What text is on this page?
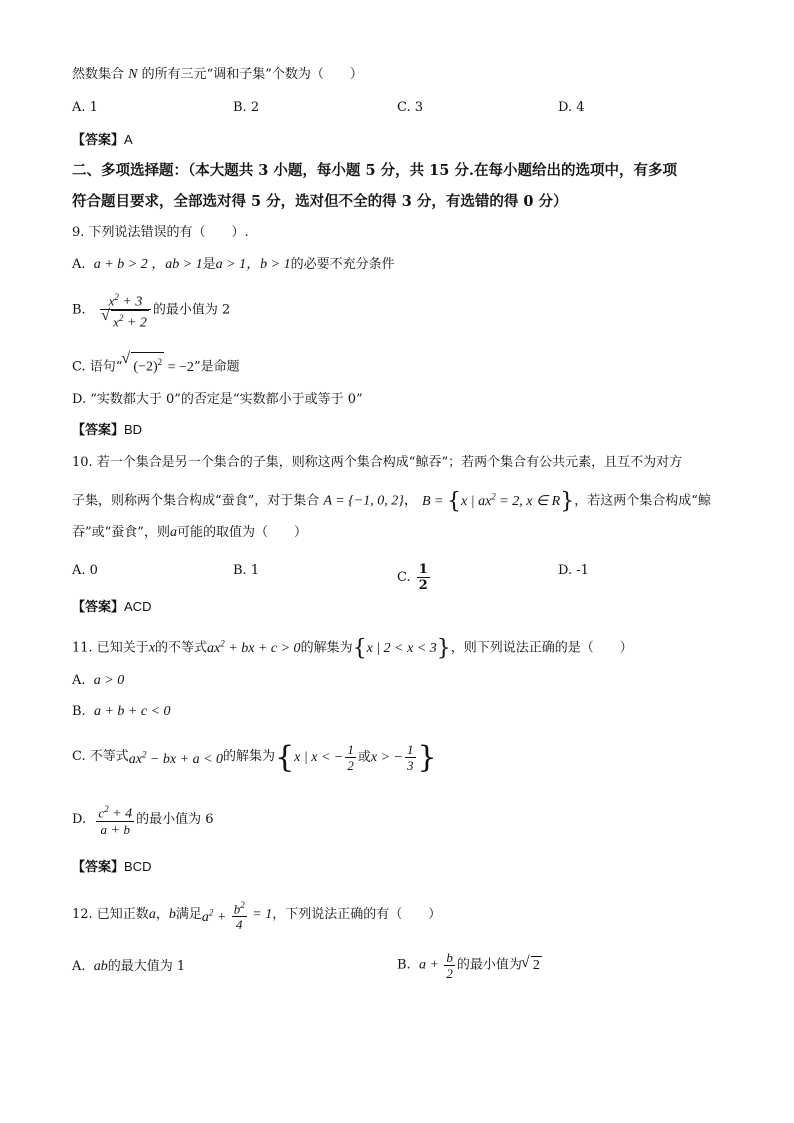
然数集合 N 的所有三元“调和子集”个数为（　　）
A. 1	B. 2	C. 3	D. 4
【答案】A
二、多项选择题：（本大题共 3 小题，每小题 5 分，共 15 分.在每小题给出的选项中，有多项
符合题目要求，全部选对得 5 分，选对但不全的得 3 分，有选错的得 0 分）
9. 下列说法错误的有（　　）.
A. a + b > 2 ，ab > 1是a > 1，b > 1的必要不充分条件
B. $x^2 + 3$
√ $x^2 + 2$ 的最小值为 2
C. 语句“ √ $(-2)^2 = -2$”是命题
D. “实数都大于 0”的否定是“实数都小于或等于 0”
【答案】BD
10. 若一个集合是另一个集合的子集，则称这两个集合构成“鲸吞”；若两个集合有公共元素，且互不为对方
子集，则称两个集合构成“蚕食”，对于集合 A = {−1, 0, 2}， B = {x | $ax^2 = 2$, x ∈ R}，若这两个集合构成“鲸
吞”或“蚕食”，则a可能的取值为（　　）
A. 0	B. 1	C. $\frac{1}{2}$	D. -1
【答案】ACD
11. 已知关于x的不等式$ax^2$ + bx + c > 0的解集为{x | 2 < x < 3}，则下列说法正确的是（　　）
A. a > 0
B. a + b + c < 0
C. 不等式$ax^2$ − bx + a < 0的解集为{x | x < − $\frac{1}{2}$ 或x > − $\frac{1}{3}$ }
D. $\frac{c^2 + 4}{a + b}$ 的最小值为 6
【答案】BCD
12. 已知正数a，b满足$a^2 + \frac{b^2}{4} = 1$，下列说法正确的有（　　）
A. ab的最大值为 1	B. $a + \frac{b}{2}$ 的最小值为 √ 2
